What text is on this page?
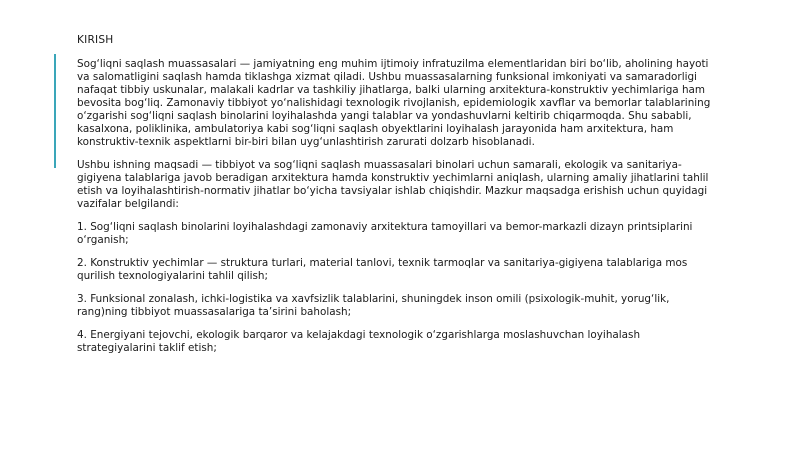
KIRISH

Sog‘liqni saqlash muassasalari — jamiyatning eng muhim ijtimoiy infratuzilma elementlaridan biri bo‘lib, aholining hayoti va salomatligini saqlash hamda tiklashga xizmat qiladi. Ushbu muassasalarning funksional imkoniyati va samaradorligi nafaqat tibbiy uskunalar, malakali kadrlar va tashkiliy jihatlarga, balki ularning arxitektura-konstruktiv yechimlariga ham bevosita bog‘liq. Zamonaviy tibbiyot yo‘nalishidagi texnologik rivojlanish, epidemiologik xavflar va bemorlar talablarining o‘zgarishi sog‘liqni saqlash binolarini loyihalashda yangi talablar va yondashuvlarni keltirib chiqarmoqda. Shu sababli, kasalxona, poliklinika, ambulatoriya kabi sog‘liqni saqlash obyektlarini loyihalash jarayonida ham arxitektura, ham konstruktiv-texnik aspektlarni bir-biri bilan uyg‘unlashtirish zarurati dolzarb hisoblanadi.

Ushbu ishning maqsadi — tibbiyot va sog‘liqni saqlash muassasalari binolari uchun samarali, ekologik va sanitariya-gigiyena talablariga javob beradigan arxitektura hamda konstruktiv yechimlarni aniqlash, ularning amaliy jihatlarini tahlil etish va loyihalashtirish-normativ jihatlar bo‘yicha tavsiyalar ishlab chiqishdir. Mazkur maqsadga erishish uchun quyidagi vazifalar belgilandi:

1. Sog‘liqni saqlash binolarini loyihalashdagi zamonaviy arxitektura tamoyillari va bemor-markazli dizayn printsiplarini o‘rganish;

2. Konstruktiv yechimlar — struktura turlari, material tanlovi, texnik tarmoqlar va sanitariya-gigiyena talablariga mos qurilish texnologiyalarini tahlil qilish;

3. Funksional zonalash, ichki-logistika va xavfsizlik talablarini, shuningdek inson omili (psixologik-muhit, yorug‘lik, rang)ning tibbiyot muassasalariga ta’sirini baholash;

4. Energiyani tejovchi, ekologik barqaror va kelajakdagi texnologik o‘zgarishlarga moslashuvchan loyihalash strategiyalarini taklif etish;
